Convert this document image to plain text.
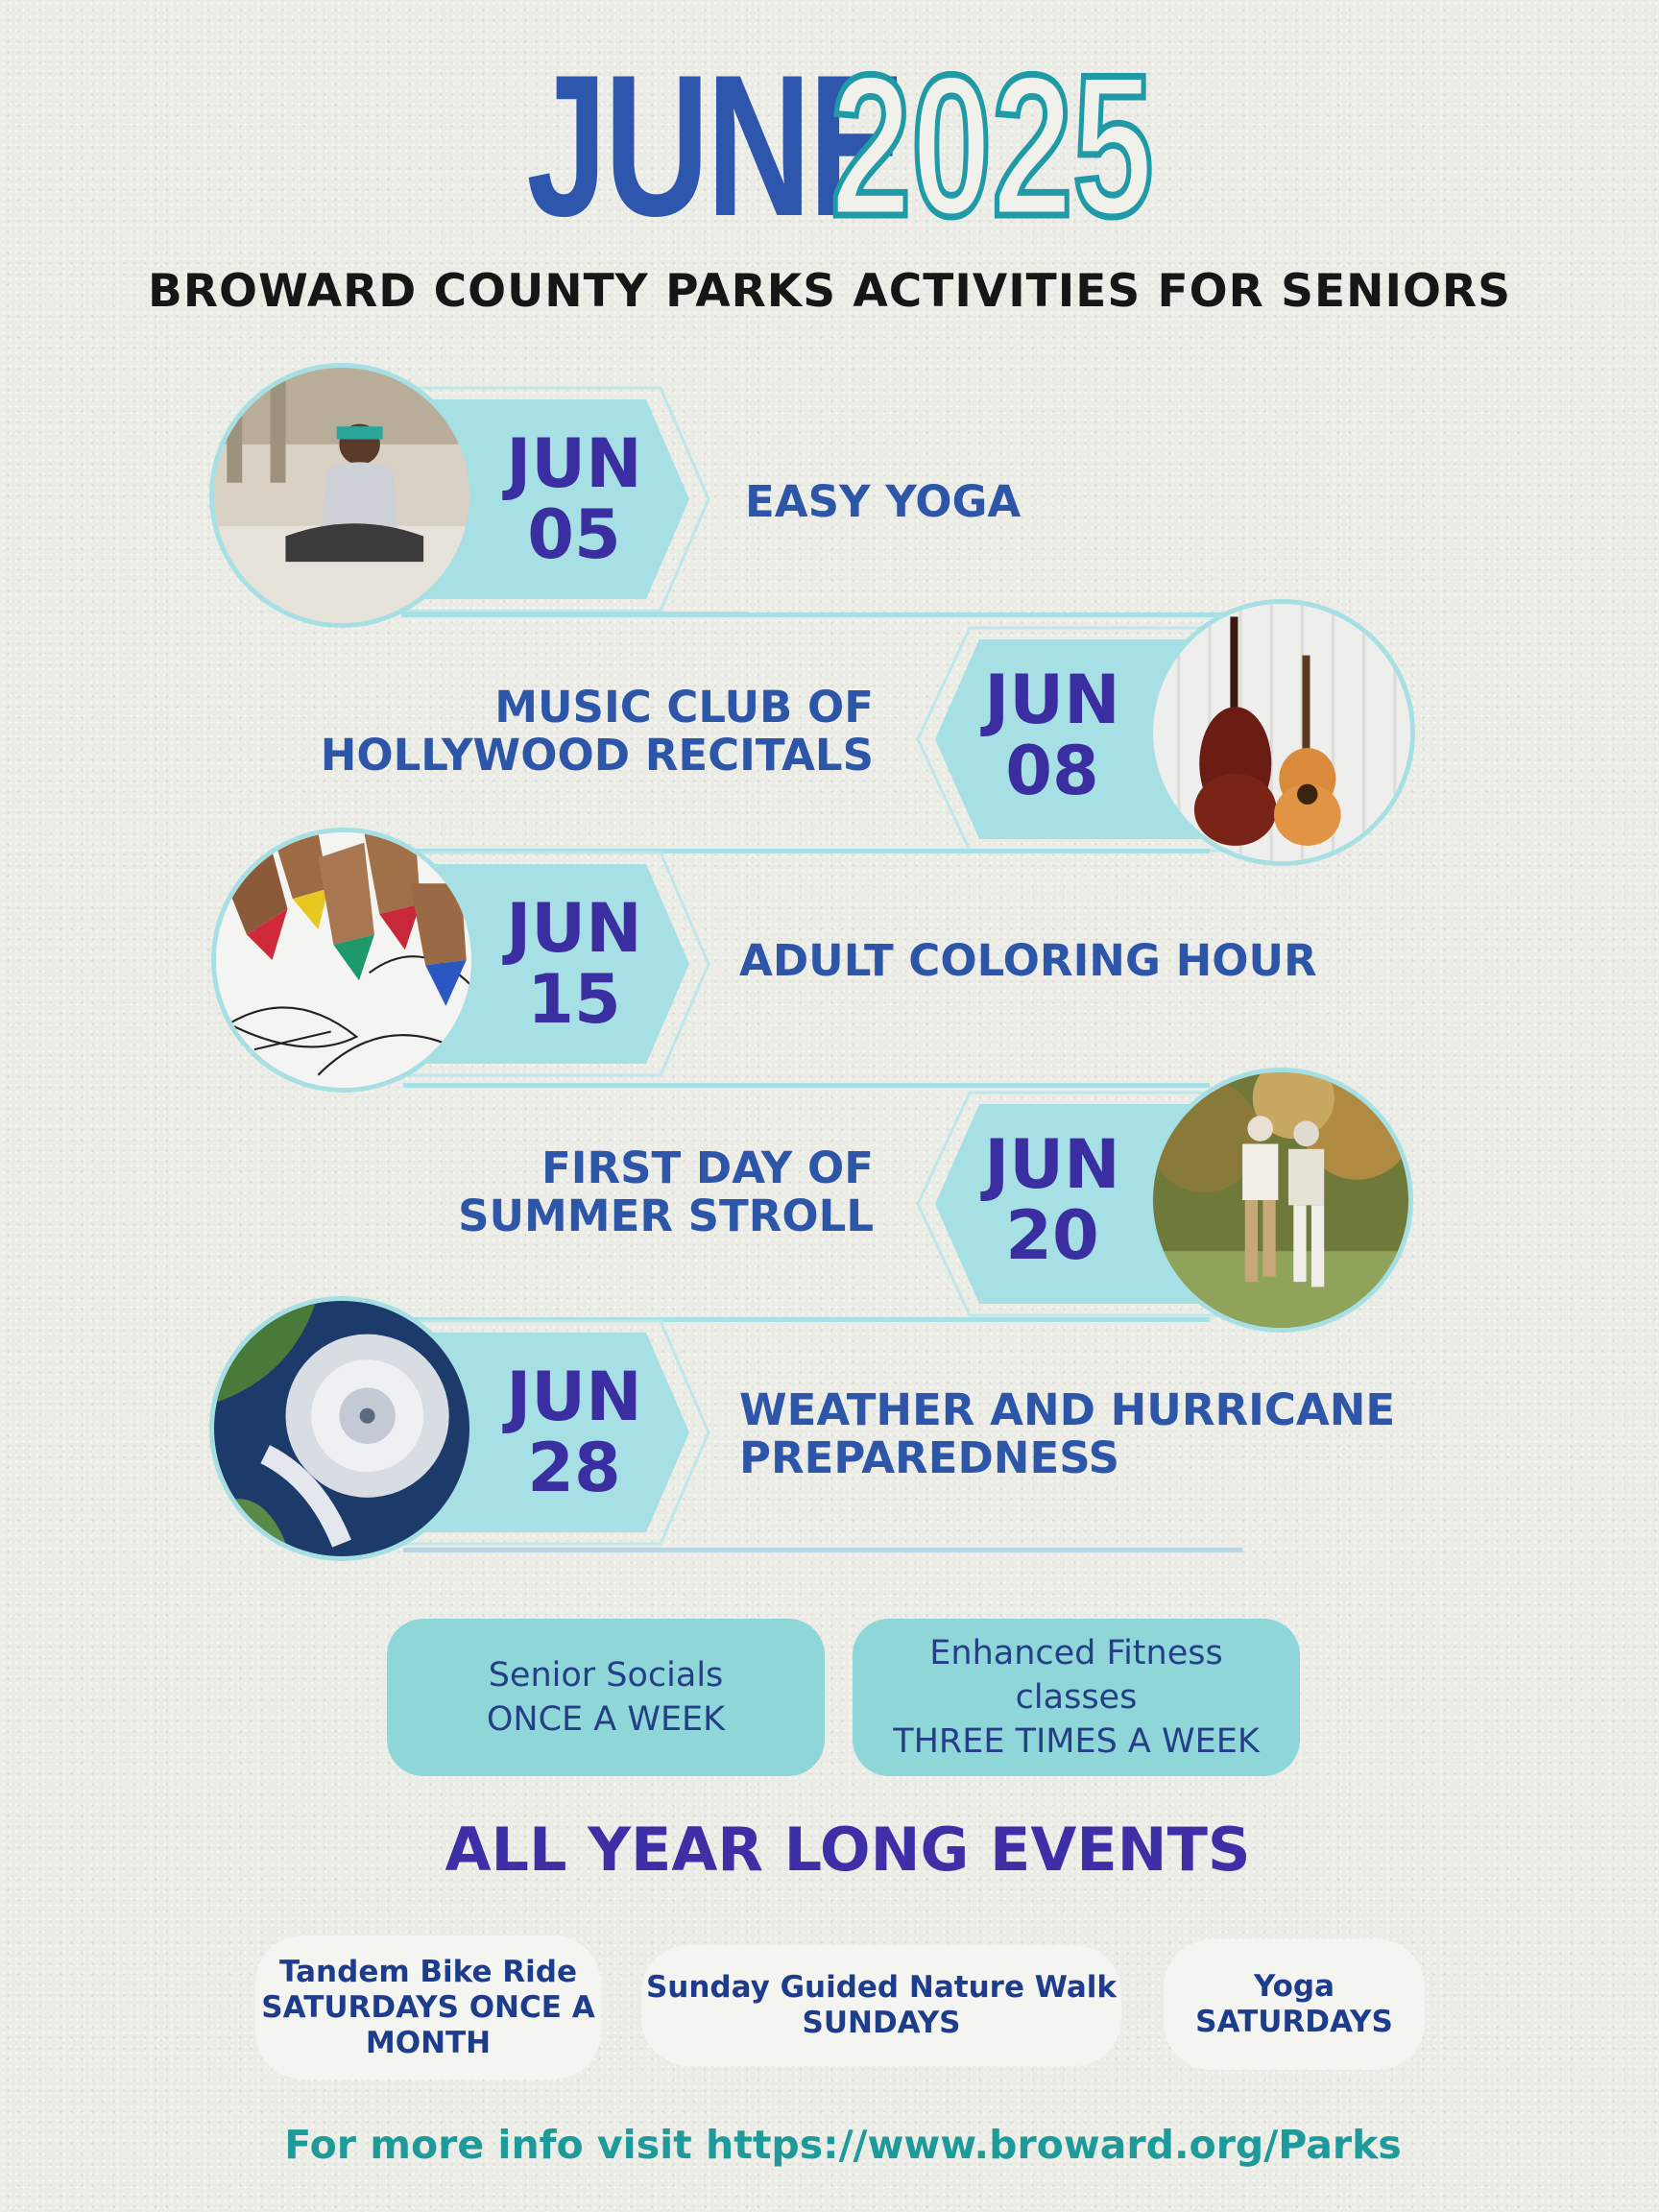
JUNE 2025
BROWARD COUNTY PARKS ACTIVITIES FOR SENIORS
JUN
05	EASY YOGA
JUN
08
MUSIC CLUB OF
HOLLYWOOD RECITALS
JUN
15	ADULT COLORING HOUR
JUN
20
FIRST DAY OF
SUMMER STROLL
JUN
28
WEATHER AND HURRICANE
PREPAREDNESS
Senior Socials
ONCE A WEEK
Enhanced Fitness
classes
THREE TIMES A WEEK
ALL YEAR LONG EVENTS
Tandem Bike Ride
SATURDAYS ONCE A
MONTH
Sunday Guided Nature Walk
SUNDAYS
Yoga
SATURDAYS
For more info visit https://www.broward.org/Parks
